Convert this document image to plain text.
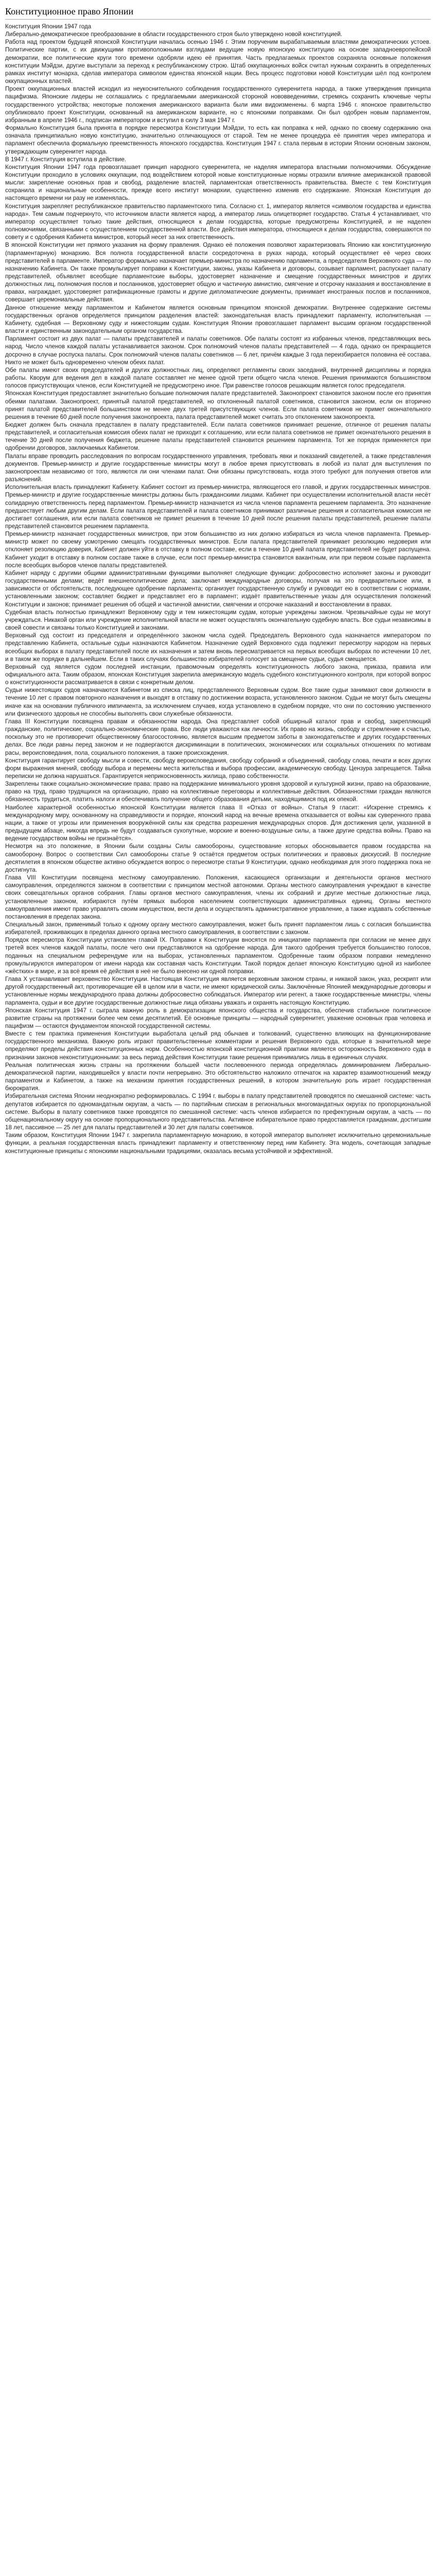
Конституционное право Японии
Конституция Японии 1947 года

Либерально-демократическое преобразование в области государственного строя было утверждено новой конституцией.

Работа над проектом будущей японской Конституции началась осенью 1946 г. Этим порученим вырабатываемым властями демократических устоев. Политические партии, с их движущими противоположными взглядами ведущие новую японскую конституцию на основе западноевропейской демократии, все политические круги того времени одобряли идею её принятия. Часть предлагаемых проектов сохраняла основные положения конституции Мэйдзи, другие выступали за переход к республиканскому строю. Штаб оккупационных войск считал нужным сохранить в определенных рамках институт монарха, сделав императора символом единства японской нации. Весь процесс подготовки новой Конституции шёл под контролем оккупационных властей.

Проект оккупационных властей исходил из неукоснительного соблюдения государственного суверенитета народа, а также утверждения принципа пацифизма. Японские лидеры не соглашались с предлагаемыми американской стороной нововведениями, стремясь сохранить ключевые черты государственного устройства; некоторые положения американского варианта были ими видоизменены. 6 марта 1946 г. японское правительство опубликовало проект Конституции, основанный на американском варианте, но с японскими поправками. Он был одобрен новым парламентом, избранным в апреле 1946 г., подписан императором и вступил в силу 3 мая 1947 г.

Формально Конституция была принята в порядке пересмотра Конституции Мэйдзи, то есть как поправка к ней, однако по своему содержанию она означала принципиально новую конституцию, значительно отличающуюся от старой. Тем не менее процедура её принятия через императора и парламент обеспечила формальную преемственность японского государства. Конституция 1947 г. стала первым в истории Японии основным законом, утверждающим суверенитет народа.

В 1947 г. Конституция вступила в действие.

Конституция Японии 1947 года провозглашает принцип народного суверенитета, не наделяя императора властными полномочиями. Обсуждение Конституции проходило в условиях оккупации, под воздействием которой новые конституционные нормы отразили влияние американской правовой мысли: закрепление основных прав и свобод, разделение властей, парламентская ответственность правительства. Вместе с тем Конституция сохранила и национальные особенности, прежде всего институт монархии, существенно изменив его содержание. Японская Конституция до настоящего времени ни разу не изменялась.

Конституция закрепляет республиканское правительство парламентского типа. Согласно ст. 1, император является «символом государства и единства народа». Тем самым подчеркнуто, что источником власти является народ, а император лишь олицетворяет государство. Статья 4 устанавливает, что император осуществляет только такие действия, относящиеся к делам государства, которые предусмотрены Конституцией, и не наделен полномочиями, связанными с осуществлением государственной власти. Все действия императора, относящиеся к делам государства, совершаются по совету и с одобрения Кабинета министров, который несет за них ответственность.

В японской Конституции нет прямого указания на форму правления. Однако её положения позволяют характеризовать Японию как конституционную (парламентарную) монархию. Вся полнота государственной власти сосредоточена в руках народа, который осуществляет её через своих представителей в парламенте. Император формально назначает премьер-министра по назначению парламента, а председателя Верховного суда — по назначению Кабинета. Он также промульгирует поправки к Конституции, законы, указы Кабинета и договоры, созывает парламент, распускает палату представителей, объявляет всеобщие парламентские выборы, удостоверяет назначение и смещение государственных министров и других должностных лиц, полномочия послов и посланников, удостоверяет общую и частичную амнистию, смягчение и отсрочку наказания и восстановление в правах, награждает, удостоверяет ратификационные грамоты и другие дипломатические документы, принимает иностранных послов и посланников, совершает церемониальные действия.

Данное отношение между парламентом и Кабинетом является основным принципом японской демократии. Внутреннее содержание системы государственных органов определяется принципом разделения властей: законодательная власть принадлежит парламенту, исполнительная — Кабинету, судебная — Верховному суду и нижестоящим судам. Конституция Японии провозглашает парламент высшим органом государственной власти и единственным законодательным органом государства.

Парламент состоит из двух палат — палаты представителей и палаты советников. Обе палаты состоят из избранных членов, представляющих весь народ. Число членов каждой палаты устанавливается законом. Срок полномочий членов палаты представителей — 4 года, однако он прекращается досрочно в случае роспуска палаты. Срок полномочий членов палаты советников — 6 лет, причём каждые 3 года переизбирается половина её состава. Никто не может быть одновременно членом обеих палат.

Обе палаты имеют своих председателей и других должностных лиц, определяют регламенты своих заседаний, внутренней дисциплины и порядка работы. Кворум для ведения дел в каждой палате составляет не менее одной трети общего числа членов. Решения принимаются большинством голосов присутствующих членов, если Конституцией не предусмотрено иное. При равенстве голосов решающим является голос председателя.

Японская Конституция предоставляет значительно большие полномочия палате представителей. Законопроект становится законом после его принятия обеими палатами. Законопроект, принятый палатой представителей, но отклоненный палатой советников, становится законом, если он вторично принят палатой представителей большинством не менее двух третей присутствующих членов. Если палата советников не примет окончательного решения в течение 60 дней после получения законопроекта, палата представителей может считать это отклонением законопроекта.

Бюджет должен быть сначала представлен в палату представителей. Если палата советников принимает решение, отличное от решения палаты представителей, и согласительная комиссия обеих палат не приходит к соглашению, или если палата советников не примет окончательного решения в течение 30 дней после получения бюджета, решение палаты представителей становится решением парламента. Тот же порядок применяется при одобрении договоров, заключаемых Кабинетом.

Палаты вправе проводить расследования по вопросам государственного управления, требовать явки и показаний свидетелей, а также представления документов. Премьер-министр и другие государственные министры могут в любое время присутствовать в любой из палат для выступления по законопроектам независимо от того, являются ли они членами палат. Они обязаны присутствовать, когда этого требуют для получения ответов или разъяснений.

Исполнительная власть принадлежит Кабинету. Кабинет состоит из премьер-министра, являющегося его главой, и других государственных министров. Премьер-министр и другие государственные министры должны быть гражданскими лицами. Кабинет при осуществлении исполнительной власти несёт солидарную ответственность перед парламентом. Премьер-министр назначается из числа членов парламента решением парламента. Это назначение предшествует любым другим делам. Если палата представителей и палата советников принимают различные решения и согласительная комиссия не достигает соглашения, или если палата советников не примет решения в течение 10 дней после решения палаты представителей, решение палаты представителей становится решением парламента.

Премьер-министр назначает государственных министров, при этом большинство из них должно избираться из числа членов парламента. Премьер-министр может по своему усмотрению смещать государственных министров. Если палата представителей принимает резолюцию недоверия или отклоняет резолюцию доверия, Кабинет должен уйти в отставку в полном составе, если в течение 10 дней палата представителей не будет распущена. Кабинет уходит в отставку в полном составе также в случае, если пост премьер-министра становится вакантным, или при первом созыве парламента после всеобщих выборов членов палаты представителей.

Кабинет наряду с другими общими административными функциями выполняет следующие функции: добросовестно исполняет законы и руководит государственными делами; ведёт внешнеполитические дела; заключает международные договоры, получая на это предварительное или, в зависимости от обстоятельств, последующее одобрение парламента; организует государственную службу и руководит ею в соответствии с нормами, установленными законом; составляет бюджет и представляет его в парламент; издаёт правительственные указы для осуществления положений Конституции и законов; принимает решения об общей и частичной амнистии, смягчении и отсрочке наказаний и восстановлении в правах.

Судебная власть полностью принадлежит Верховному суду и тем нижестоящим судам, которые учреждены законом. Чрезвычайные суды не могут учреждаться. Никакой орган или учреждение исполнительной власти не может осуществлять окончательную судебную власть. Все судьи независимы в своей совести и связаны только Конституцией и законами.

Верховный суд состоит из председателя и определённого законом числа судей. Председатель Верховного суда назначается императором по представлению Кабинета, остальные судьи назначаются Кабинетом. Назначение судей Верховного суда подлежит пересмотру народом на первых всеобщих выборах в палату представителей после их назначения и затем вновь пересматривается на первых всеобщих выборах по истечении 10 лет, и в таком же порядке в дальнейшем. Если в таких случаях большинство избирателей голосует за смещение судьи, судья смещается.

Верховный суд является судом последней инстанции, правомочным определять конституционность любого закона, приказа, правила или официального акта. Таким образом, японская Конституция закрепила американскую модель судебного конституционного контроля, при которой вопрос о конституционности рассматривается в связи с конкретным делом.

Судьи нижестоящих судов назначаются Кабинетом из списка лиц, представленного Верховным судом. Все такие судьи занимают свои должности в течение 10 лет с правом повторного назначения и выходят в отставку по достижении возраста, установленного законом. Судьи не могут быть смещены иначе как на основании публичного импичмента, за исключением случаев, когда установлено в судебном порядке, что они по состоянию умственного или физического здоровья не способны выполнять свои служебные обязанности.

Глава III Конституции посвящена правам и обязанностям народа. Она представляет собой обширный каталог прав и свобод, закрепляющий гражданские, политические, социально-экономические права. Все люди уважаются как личности. Их право на жизнь, свободу и стремление к счастью, поскольку это не противоречит общественному благосостоянию, является высшим предметом заботы в законодательстве и других государственных делах. Все люди равны перед законом и не подвергаются дискриминации в политических, экономических или социальных отношениях по мотивам расы, вероисповедания, пола, социального положения, а также происхождения.

Конституция гарантирует свободу мысли и совести, свободу вероисповедания, свободу собраний и объединений, свободу слова, печати и всех других форм выражения мнений, свободу выбора и перемены места жительства и выбора профессии, академическую свободу. Цензура запрещается. Тайна переписки не должна нарушаться. Гарантируется неприкосновенность жилища, право собственности.

Закреплены также социально-экономические права: право на поддержание минимального уровня здоровой и культурной жизни, право на образование, право на труд, право трудящихся на организацию, право на коллективные переговоры и коллективные действия. Обязанностями граждан являются обязанность трудиться, платить налоги и обеспечивать получение общего образования детьми, находящимися под их опекой.

Наиболее характерной особенностью японской Конституции является глава II «Отказ от войны». Статья 9 гласит: «Искренне стремясь к международному миру, основанному на справедливости и порядке, японский народ на вечные времена отказывается от войны как суверенного права нации, а также от угрозы или применения вооружённой силы как средства разрешения международных споров. Для достижения цели, указанной в предыдущем абзаце, никогда впредь не будут создаваться сухопутные, морские и военно-воздушные силы, а также другие средства войны. Право на ведение государством войны не признаётся».

Несмотря на это положение, в Японии были созданы Силы самообороны, существование которых обосновывается правом государства на самооборону. Вопрос о соответствии Сил самообороны статье 9 остаётся предметом острых политических и правовых дискуссий. В последние десятилетия в японском обществе активно обсуждается вопрос о пересмотре статьи 9 Конституции, однако необходимая для этого поддержка пока не достигнута.

Глава VIII Конституции посвящена местному самоуправлению. Положения, касающиеся организации и деятельности органов местного самоуправления, определяются законом в соответствии с принципом местной автономии. Органы местного самоуправления учреждают в качестве своих совещательных органов собрания. Главы органов местного самоуправления, члены их собраний и другие местные должностные лица, установленные законом, избираются путём прямых выборов населением соответствующих административных единиц. Органы местного самоуправления имеют право управлять своим имуществом, вести дела и осуществлять административное управление, а также издавать собственные постановления в пределах закона.

Специальный закон, применимый только к одному органу местного самоуправления, может быть принят парламентом лишь с согласия большинства избирателей, проживающих в пределах данного органа местного самоуправления, в соответствии с законом.

Порядок пересмотра Конституции установлен главой IX. Поправки к Конституции вносятся по инициативе парламента при согласии не менее двух третей всех членов каждой палаты, после чего они представляются на одобрение народа. Для такого одобрения требуется большинство голосов, поданных на специальном референдуме или на выборах, установленных парламентом. Одобренные таким образом поправки немедленно промульгируются императором от имени народа как составная часть Конституции. Такой порядок делает японскую Конституцию одной из наиболее «жёстких» в мире, и за всё время её действия в неё не было внесено ни одной поправки.

Глава X устанавливает верховенство Конституции. Настоящая Конституция является верховным законом страны, и никакой закон, указ, рескрипт или другой государственный акт, противоречащие ей в целом или в части, не имеют юридической силы. Заключённые Японией международные договоры и установленные нормы международного права должны добросовестно соблюдаться. Император или регент, а также государственные министры, члены парламента, судьи и все другие государственные должностные лица обязаны уважать и охранять настоящую Конституцию.

Японская Конституция 1947 г. сыграла важную роль в демократизации японского общества и государства, обеспечив стабильное политическое развитие страны на протяжении более чем семи десятилетий. Её основные принципы — народный суверенитет, уважение основных прав человека и пацифизм — остаются фундаментом японской государственной системы.

Вместе с тем практика применения Конституции выработала целый ряд обычаев и толкований, существенно влияющих на функционирование государственного механизма. Важную роль играют правительственные комментарии и решения Верховного суда, которые в значительной мере определяют пределы действия конституционных норм. Особенностью японской конституционной практики является осторожность Верховного суда в признании законов неконституционными: за весь период действия Конституции такие решения принимались лишь в единичных случаях.

Реальная политическая жизнь страны на протяжении большей части послевоенного периода определялась доминированием Либерально-демократической партии, находившейся у власти почти непрерывно. Это обстоятельство наложило отпечаток на характер взаимоотношений между парламентом и Кабинетом, а также на механизм принятия государственных решений, в котором значительную роль играет государственная бюрократия.

Избирательная система Японии неоднократно реформировалась. С 1994 г. выборы в палату представителей проводятся по смешанной системе: часть депутатов избирается по одномандатным округам, а часть — по партийным спискам в региональных многомандатных округах по пропорциональной системе. Выборы в палату советников также проводятся по смешанной системе: часть членов избирается по префектурным округам, а часть — по общенациональному округу на основе пропорционального представительства. Активное избирательное право предоставляется гражданам, достигшим 18 лет, пассивное — 25 лет для палаты представителей и 30 лет для палаты советников.

Таким образом, Конституция Японии 1947 г. закрепила парламентарную монархию, в которой император выполняет исключительно церемониальные функции, а реальная государственная власть принадлежит парламенту и ответственному перед ним Кабинету. Эта модель, сочетающая западные конституционные принципы с японскими национальными традициями, оказалась весьма устойчивой и эффективной.
